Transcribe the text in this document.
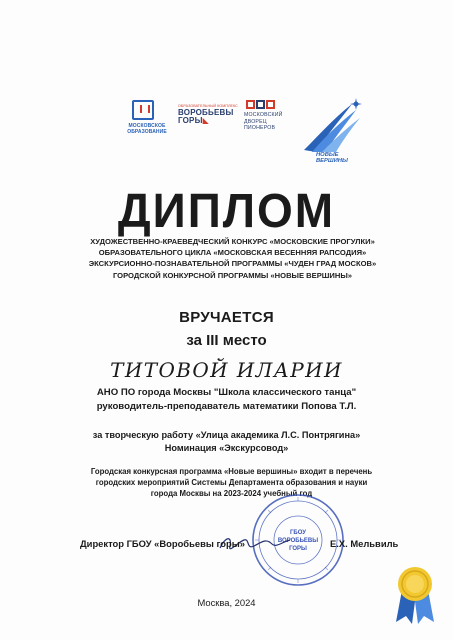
МОСКОВСКОЕ ОБРАЗОВАНИЕ
ОБРАЗОВАТЕЛЬНЫЙ КОМПЛЕКС
ВОРОБЬЕВЫ
ГОРЫ◣
МОСКОВСКИЙ ДВОРЕЦ ПИОНЕРОВ
НОВЫЕ ВЕРШИНЫ
ДИПЛОМ
ХУДОЖЕСТВЕННО-КРАЕВЕДЧЕСКИЙ КОНКУРС «МОСКОВСКИЕ ПРОГУЛКИ»
ОБРАЗОВАТЕЛЬНОГО ЦИКЛА «МОСКОВСКАЯ ВЕСЕННЯЯ РАПСОДИЯ»
ЭКСКУРСИОННО-ПОЗНАВАТЕЛЬНОЙ ПРОГРАММЫ «ЧУДЕН ГРАД МОСКОВ»
ГОРОДСКОЙ КОНКУРСНОЙ ПРОГРАММЫ «НОВЫЕ ВЕРШИНЫ»
ВРУЧАЕТСЯ
за III место
ТИТОВОЙ ИЛАРИИ
АНО ПО города Москвы "Школа классического танца"
руководитель-преподаватель математики Попова Т.Л.
за творческую работу «Улица академика Л.С. Понтрягина»
Номинация «Экскурсовод»
Городская конкурсная программа «Новые вершины» входит в перечень
городских мероприятий Системы Департамента образования и науки
города Москвы на 2023-2024 учебный год
ГБОУ
ВОРОБЬЕВЫ
ГОРЫ
Директор ГБОУ «Воробьевы горы»	Е.Х. Мельвиль
Москва, 2024
